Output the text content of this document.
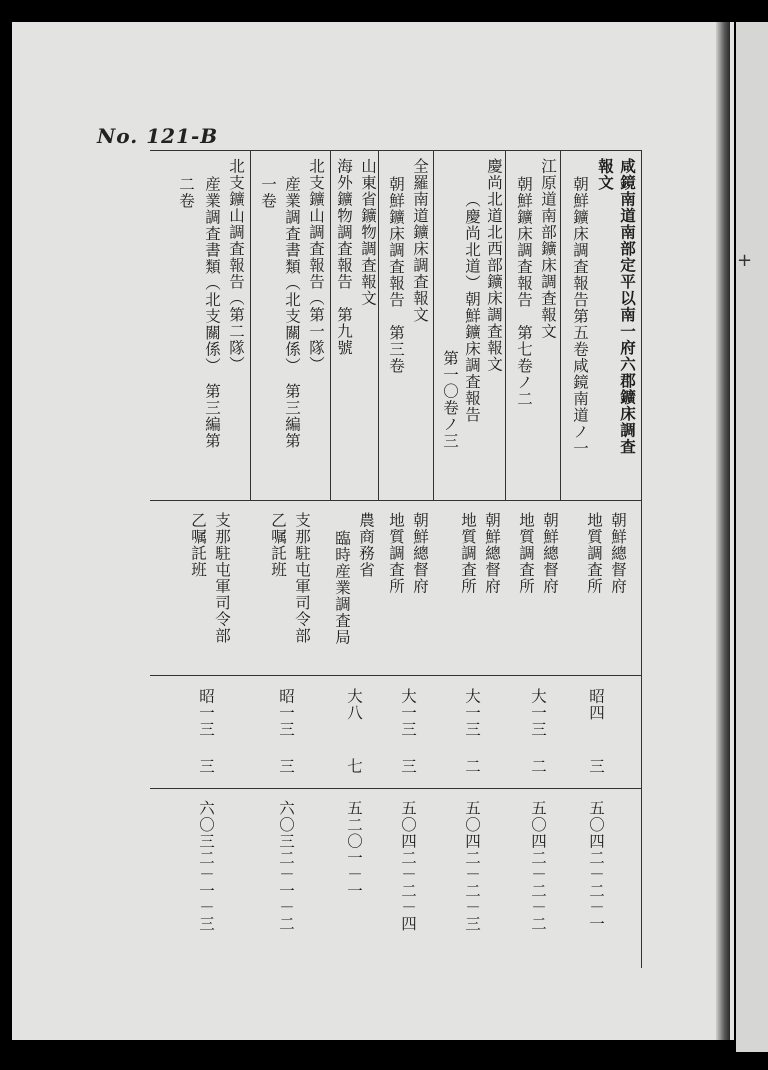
+
No. 121-B
咸鏡南道南部定平以南一府六郡鑛床調査
報文
朝鮮總督府
地質調査所
昭四
三
五〇四二－二－一
朝鮮鑛床調査報告第五卷咸鏡南道ノ一
朝鮮總督府
地質調査所
大一三
二
五〇四二－二－二
江原道南部鑛床調査報文
朝鮮鑛床調査報告　第七卷ノ二
朝鮮總督府
地質調査所
大一三
二
五〇四二－二－三
慶尚北道北西部鑛床調査報文
（慶尚北道）朝鮮鑛床調査報告
第一〇卷ノ三
朝鮮總督府
地質調査所
大一三
三
五〇四二－二－四
全羅南道鑛床調査報文
朝鮮鑛床調査報告　第三卷
農商務省
臨時産業調査局
大八
七
五二〇一－一
山東省鑛物調査報文
海外鑛物調査報告　第九號
支那駐屯軍司令部
乙嘱託班
昭一三
三
六〇三二－一－二
北支鑛山調査報告（第一隊）
産業調査書類（北支關係）　第三編第
一卷
支那駐屯軍司令部
乙嘱託班
昭一三
三
六〇三二－一－三
北支鑛山調査報告（第二隊）
産業調査書類（北支關係）　第三編第
二卷
